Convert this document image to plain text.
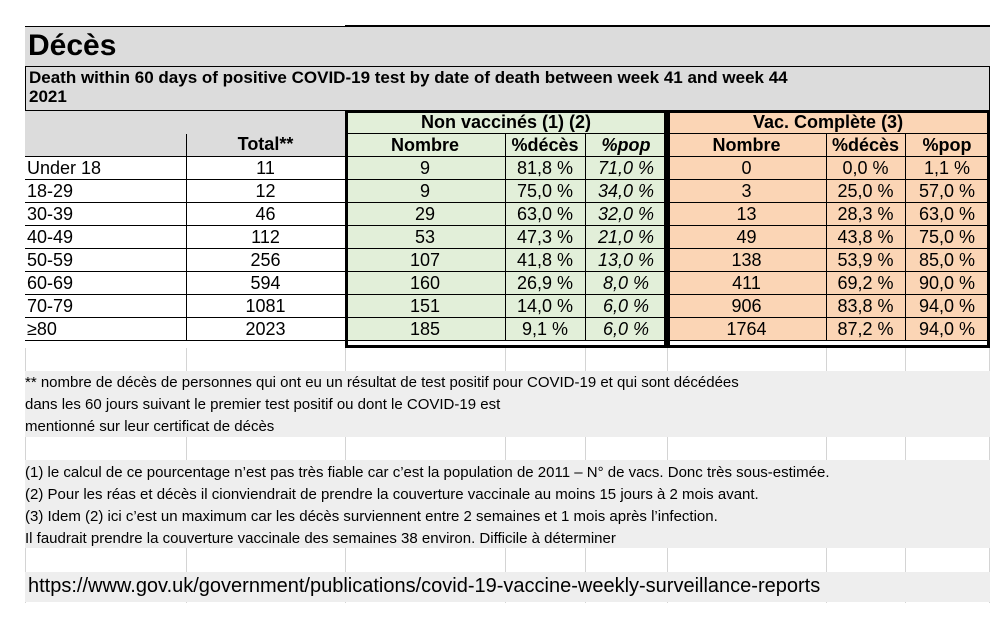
Décès
Death within 60 days of positive COVID-19 test by date of death between week 41 and week 44 2021
		Non vaccinés (1) (2)			Vac. Complète (3)		
	Total**	Nombre	%décès	%pop	Nombre	%décès	%pop
Under 18	11	9	81,8 %	71,0 %	0	0,0 %	1,1 %
18-29	12	9	75,0 %	34,0 %	3	25,0 %	57,0 %
30-39	46	29	63,0 %	32,0 %	13	28,3 %	63,0 %
40-49	112	53	47,3 %	21,0 %	49	43,8 %	75,0 %
50-59	256	107	41,8 %	13,0 %	138	53,9 %	85,0 %
60-69	594	160	26,9 %	8,0 %	411	69,2 %	90,0 %
70-79	1081	151	14,0 %	6,0 %	906	83,8 %	94,0 %
≥80	2023	185	9,1 %	6,0 %	1764	87,2 %	94,0 %
** nombre de décès de personnes qui ont eu un résultat de test positif pour COVID-19 et qui sont décédées
dans les 60 jours suivant le premier test positif ou dont le COVID-19 est
mentionné sur leur certificat de décès
(1) le calcul de ce pourcentage n’est pas très fiable car c’est la population de 2011 – N° de vacs. Donc très sous-estimée.
(2) Pour les réas et décès il cionviendrait de prendre la couverture vaccinale au moins 15 jours à 2 mois avant.
(3) Idem (2) ici c’est un maximum car les décès surviennent entre 2 semaines et 1 mois après l’infection.
Il faudrait prendre la couverture vaccinale des semaines 38 environ. Difficile à déterminer
https://www.gov.uk/government/publications/covid-19-vaccine-weekly-surveillance-reports
